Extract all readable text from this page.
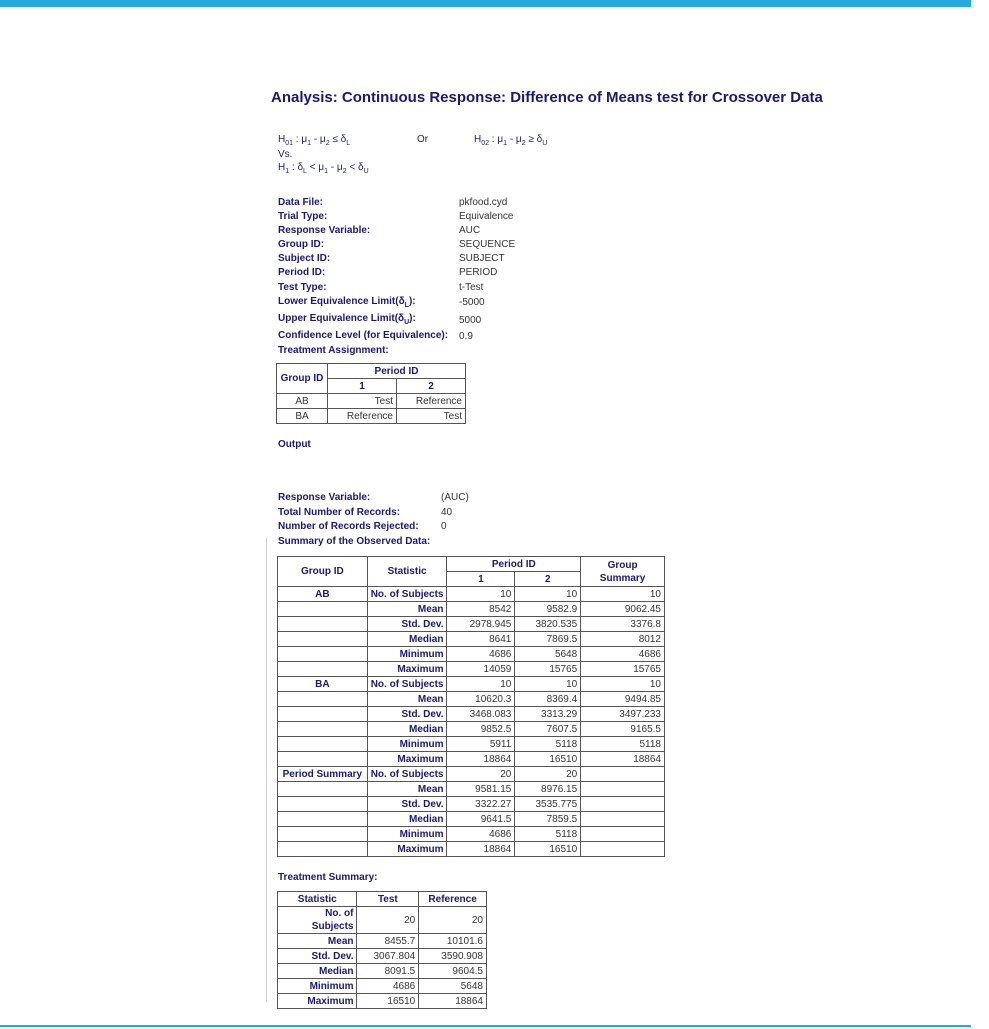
Analysis: Continuous Response: Difference of Means test for Crossover Data
$H_{01}$ : $\mu_1 - \mu_2 \le \delta_L$	Or	$H_{02}$ : $\mu_1 - \mu_2 \ge \delta_U$
Vs.
$H_1$ : $\delta_L < \mu_1 - \mu_2 < \delta_U$
Data File:	pkfood.cyd
Trial Type:	Equivalence
Response Variable:	AUC
Group ID:	SEQUENCE
Subject ID:	SUBJECT
Period ID:	PERIOD
Test Type:	t-Test
Lower Equivalence $Limit(\delta_L)$:	-5000
Upper Equivalence $Limit(\delta_U)$:	5000
Confidence Level (for Equivalence): 0.9
Treatment Assignment:
Group ID	Period ID	
	1	2
AB	Test	Reference
BA	Reference	Test
Output
Response Variable:	(AUC)
Total Number of Records:	40
Number of Records Rejected: 0
Summary of the Observed Data:
Group ID	Statistic	Period ID		Group Summary
		1	2	
AB	No. of Subjects	10	10	10
	Mean	8542	9582.9	9062.45
	Std. Dev.	2978.945	3820.535	3376.8
	Median	8641	7869.5	8012
	Minimum	4686	5648	4686
	Maximum	14059	15765	15765
BA	No. of Subjects	10	10	10
	Mean	10620.3	8369.4	9494.85
	Std. Dev.	3468.083	3313.29	3497.233
	Median	9852.5	7607.5	9165.5
	Minimum	5911	5118	5118
	Maximum	18864	16510	18864
Period Summary	No. of Subjects	20	20	
	Mean	9581.15	8976.15	
	Std. Dev.	3322.27	3535.775	
	Median	9641.5	7859.5	
	Minimum	4686	5118	
	Maximum	18864	16510	
Treatment Summary:
Statistic	Test	Reference
No. of Subjects	20	20
Mean	8455.7	10101.6
Std. Dev.	3067.804	3590.908
Median	8091.5	9604.5
Minimum	4686	5648
Maximum	16510	18864
